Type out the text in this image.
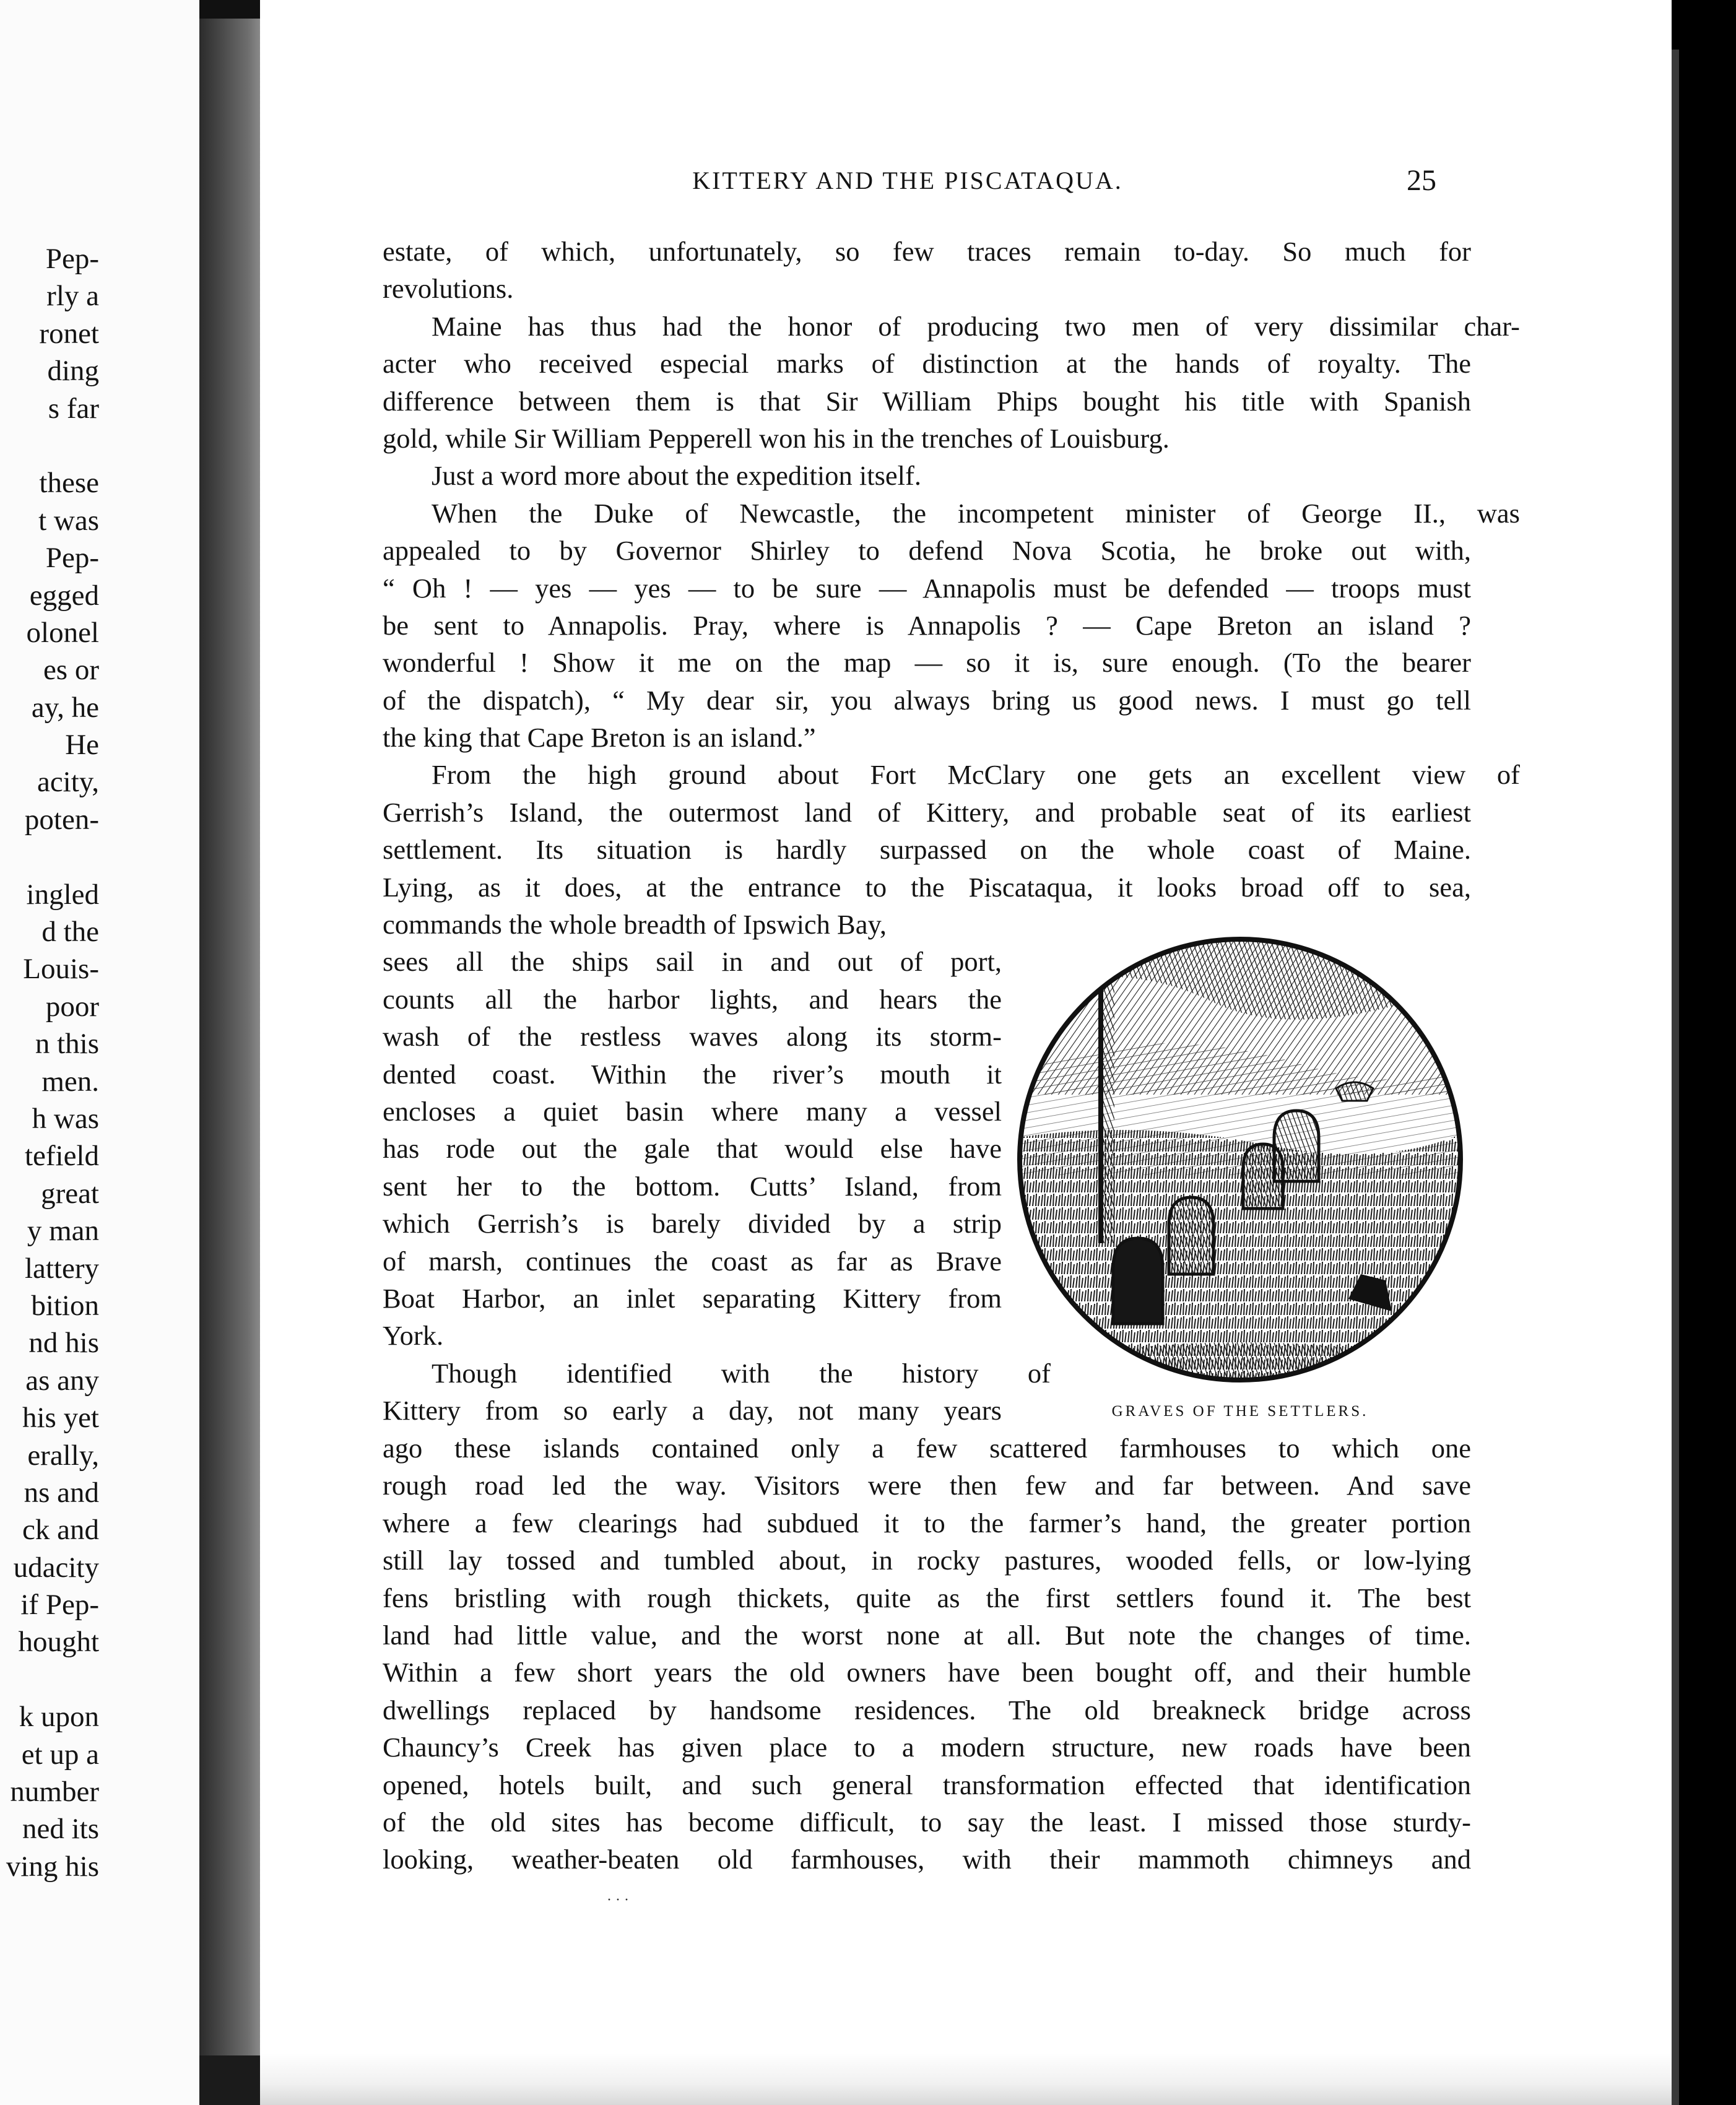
Pep-
rly a
ronet
ding
s far
these
t was
Pep-
egged
olonel
es or
ay, he
He
acity,
poten-
ingled
d the
Louis-
poor
n this
men.
h was
tefield
great
y man
lattery
bition
nd his
as any
his yet
erally,
ns and
ck and
udacity
if Pep-
hought
k upon
et up a
number
ned its
ving his
KITTERY AND THE PISCATAQUA.	25
estate, of which, unfortunately, so few traces remain to-day. So much for
revolutions.
Maine has thus had the honor of producing two men of very dissimilar char-
acter who received especial marks of distinction at the hands of royalty. The
difference between them is that Sir William Phips bought his title with Spanish
gold, while Sir William Pepperell won his in the trenches of Louisburg.
Just a word more about the expedition itself.
When the Duke of Newcastle, the incompetent minister of George II., was
appealed to by Governor Shirley to defend Nova Scotia, he broke out with,
“ Oh ! — yes — yes — to be sure — Annapolis must be defended — troops must
be sent to Annapolis. Pray, where is Annapolis ? — Cape Breton an island ?
wonderful ! Show it me on the map — so it is, sure enough. (To the bearer
of the dispatch), “ My dear sir, you always bring us good news. I must go tell
the king that Cape Breton is an island.”
From the high ground about Fort McClary one gets an excellent view of
Gerrish’s Island, the outermost land of Kittery, and probable seat of its earliest
settlement. Its situation is hardly surpassed on the whole coast of Maine.
Lying, as it does, at the entrance to the Piscataqua, it looks broad off to sea,
commands the whole breadth of Ipswich Bay,
sees all the ships sail in and out of port,
counts all the harbor lights, and hears the
wash of the restless waves along its storm-
dented coast. Within the river’s mouth it
encloses a quiet basin where many a vessel
has rode out the gale that would else have
sent her to the bottom. Cutts’ Island, from
which Gerrish’s is barely divided by a strip
of marsh, continues the coast as far as Brave
Boat Harbor, an inlet separating Kittery from
York.
Though identified with the history of
Kittery from so early a day, not many years
ago these islands contained only a few scattered farmhouses to which one
rough road led the way. Visitors were then few and far between. And save
where a few clearings had subdued it to the farmer’s hand, the greater portion
still lay tossed and tumbled about, in rocky pastures, wooded fells, or low-lying
fens bristling with rough thickets, quite as the first settlers found it. The best
land had little value, and the worst none at all. But note the changes of time.
Within a few short years the old owners have been bought off, and their humble
dwellings replaced by handsome residences. The old breakneck bridge across
Chauncy’s Creek has given place to a modern structure, new roads have been
opened, hotels built, and such general transformation effected that identification
of the old sites has become difficult, to say the least. I missed those sturdy-
looking, weather-beaten old farmhouses, with their mammoth chimneys and
GRAVES OF THE SETTLERS.
· · ·
